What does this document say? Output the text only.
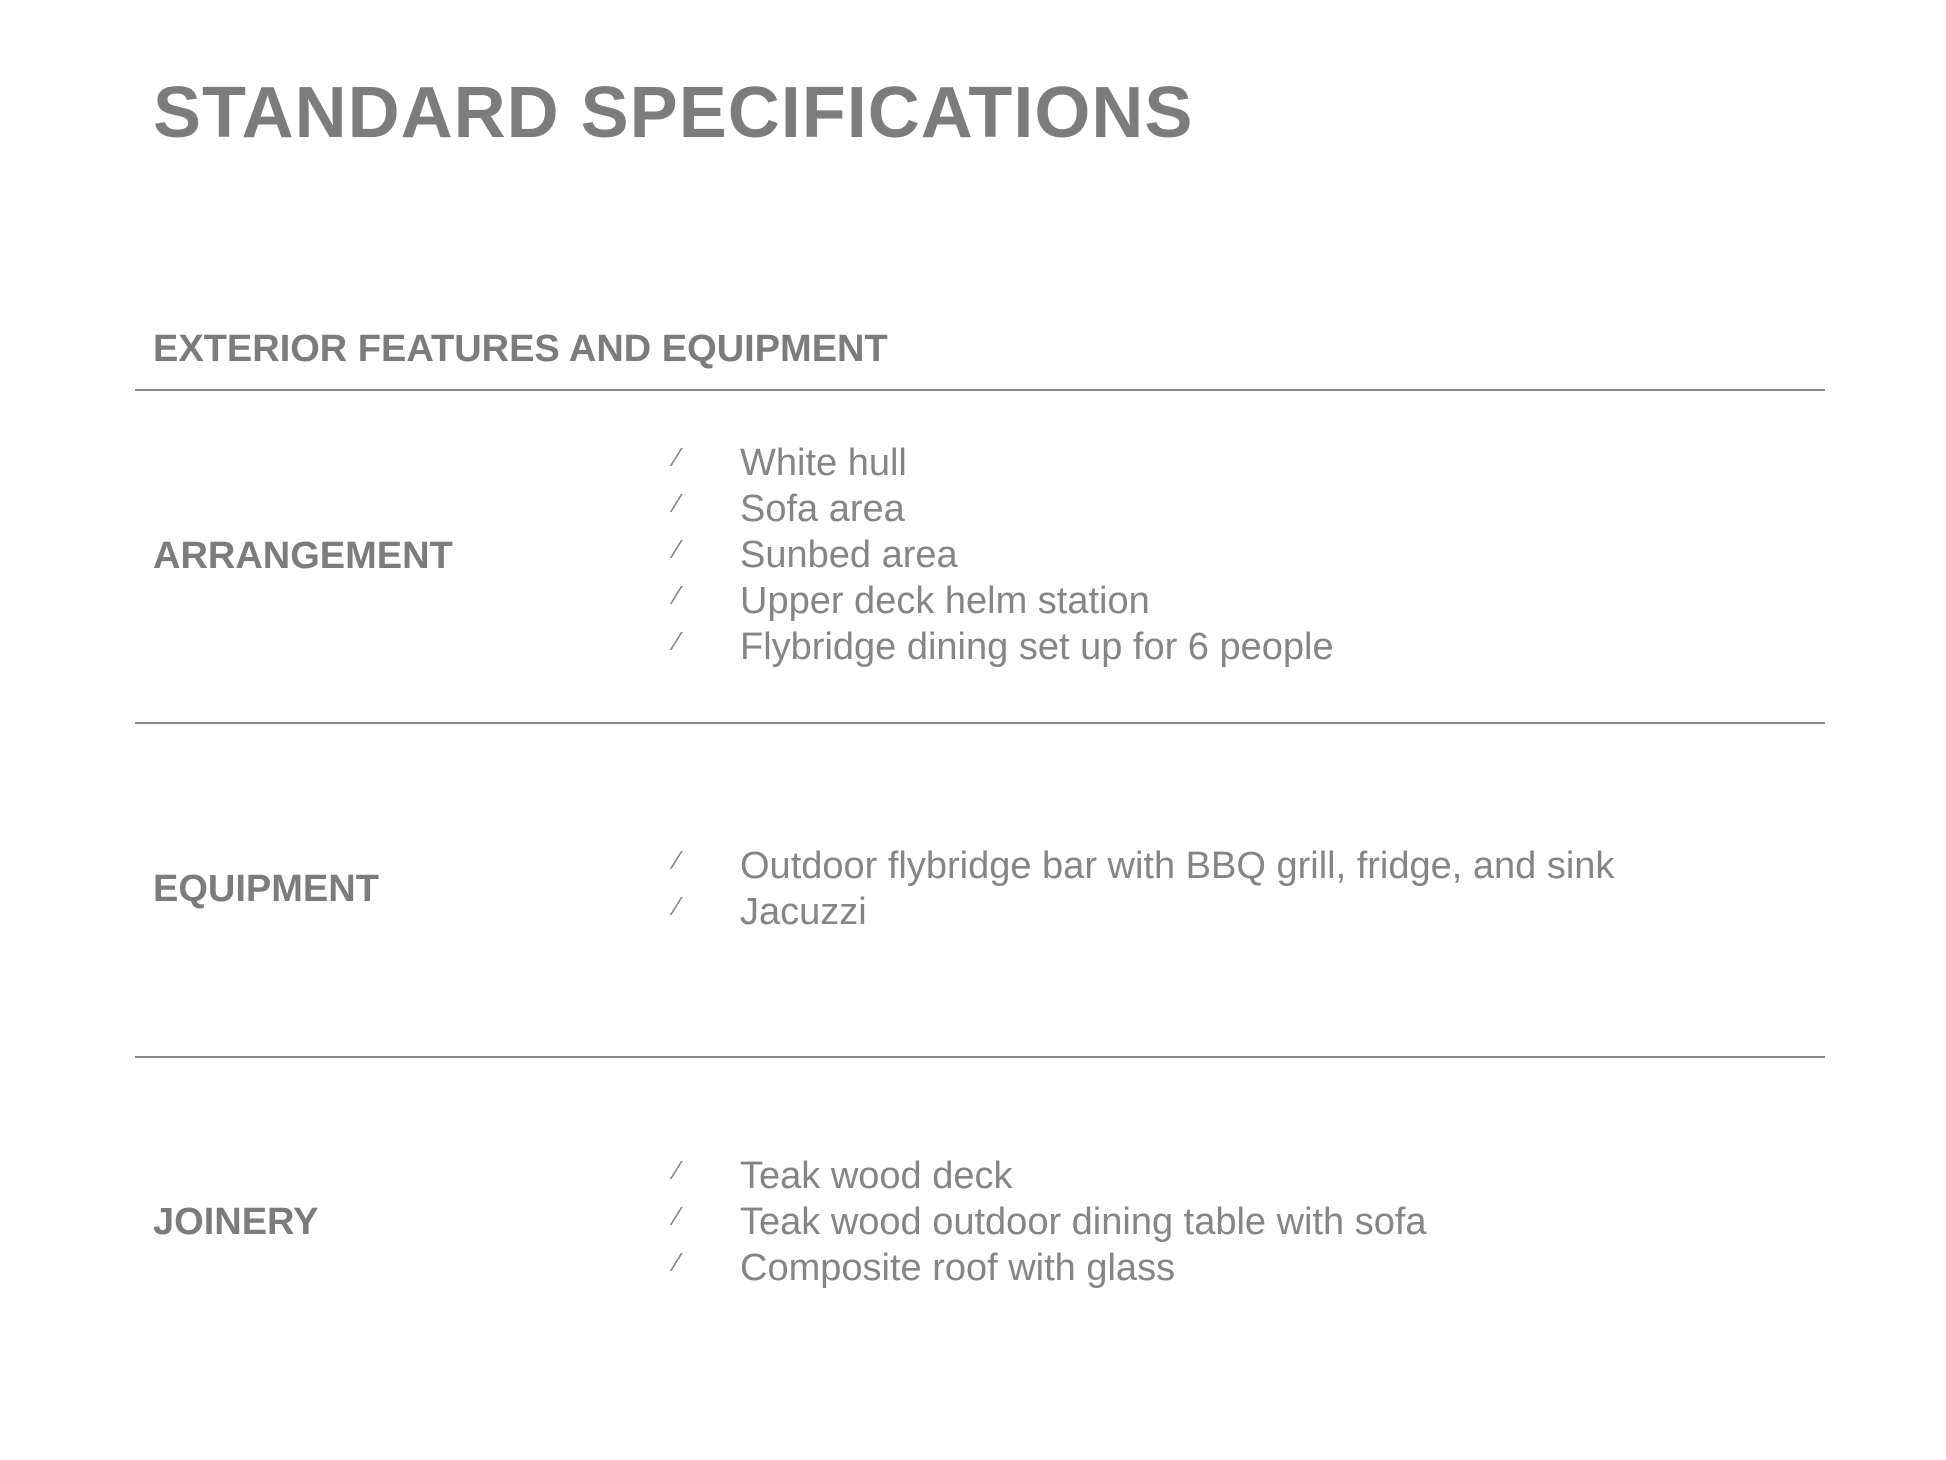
STANDARD SPECIFICATIONS
EXTERIOR FEATURES AND EQUIPMENT
ARRANGEMENT
⁄ White hull
⁄ Sofa area
⁄ Sunbed area
⁄ Upper deck helm station
⁄ Flybridge dining set up for 6 people
EQUIPMENT
⁄ Outdoor flybridge bar with BBQ grill, fridge, and sink
⁄ Jacuzzi
JOINERY
⁄ Teak wood deck
⁄ Teak wood outdoor dining table with sofa
⁄ Composite roof with glass
